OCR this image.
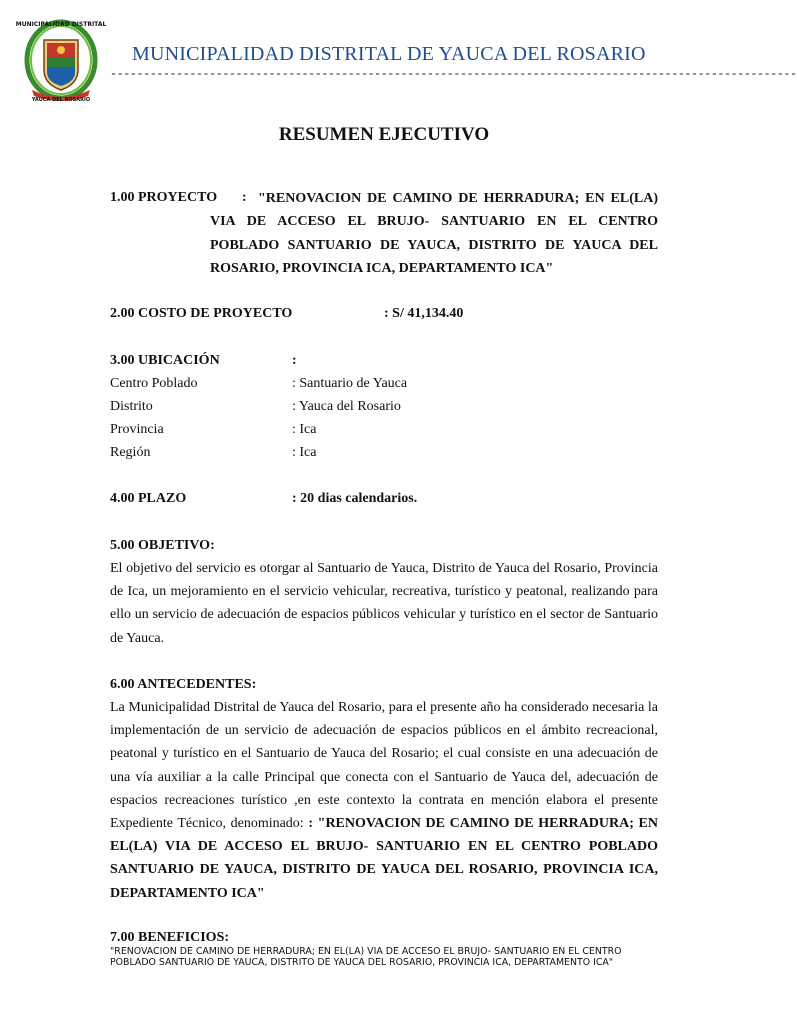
MUNICIPALIDAD DISTRITAL
YAUCA DEL ROSARIO
MUNICIPALIDAD DISTRITAL DE YAUCA DEL ROSARIO
--------------------------------------------------------------------------------------------------------
RESUMEN EJECUTIVO
1.00 PROYECTO : "RENOVACION DE CAMINO DE HERRADURA; EN EL(LA) VIA DE ACCESO EL BRUJO- SANTUARIO EN EL CENTRO POBLADO SANTUARIO DE YAUCA, DISTRITO DE YAUCA DEL ROSARIO, PROVINCIA ICA, DEPARTAMENTO ICA"
2.00 COSTO DE PROYECTO	: S/ 41,134.40
3.00 UBICACIÓN	:
Centro Poblado	: Santuario de Yauca
Distrito	: Yauca del Rosario
Provincia	: Ica
Región	: Ica
4.00 PLAZO	: 20 dias calendarios.
5.00 OBJETIVO:
El objetivo del servicio es otorgar al Santuario de Yauca, Distrito de Yauca del Rosario, Provincia de Ica, un mejoramiento en el servicio vehicular, recreativa, turístico y peatonal, realizando para ello un servicio de adecuación de espacios públicos vehicular y turístico en el sector de Santuario de Yauca.
6.00 ANTECEDENTES:
La Municipalidad Distrital de Yauca del Rosario, para el presente año ha considerado necesaria la implementación de un servicio de adecuación de espacios públicos en el ámbito recreacional, peatonal y turístico en el Santuario de Yauca del Rosario; el cual consiste en una adecuación de una vía auxiliar a la calle Principal que conecta con el Santuario de Yauca del, adecuación de espacios recreaciones turístico ,en este contexto la contrata en mención elabora el presente Expediente Técnico, denominado: : "RENOVACION DE CAMINO DE HERRADURA; EN EL(LA) VIA DE ACCESO EL BRUJO- SANTUARIO EN EL CENTRO POBLADO SANTUARIO DE YAUCA, DISTRITO DE YAUCA DEL ROSARIO, PROVINCIA ICA, DEPARTAMENTO ICA"
7.00 BENEFICIOS:
"RENOVACION DE CAMINO DE HERRADURA; EN EL(LA) VIA DE ACCESO EL BRUJO- SANTUARIO EN EL CENTRO POBLADO SANTUARIO DE YAUCA, DISTRITO DE YAUCA DEL ROSARIO, PROVINCIA ICA, DEPARTAMENTO ICA"
